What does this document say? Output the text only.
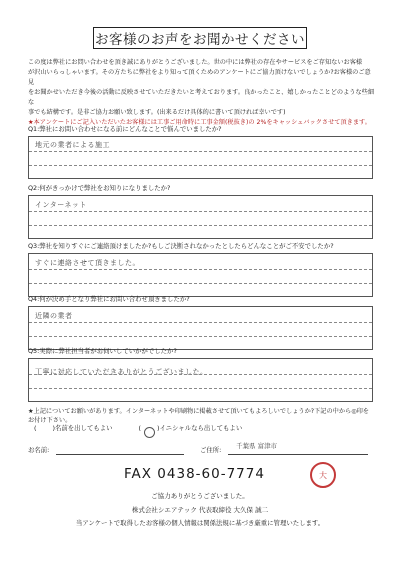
お客様のお声をお聞かせください
この度は弊社にお問い合わせを頂き誠にありがとうございました。世の中には弊社の存在やサービスをご存知ないお客様
が沢山いらっしゃいます。その方たちに弊社をより知って頂くためのアンケートにご協力頂けないでしょうか?お客様のご意見
をお聞かせいただき今後の活動に反映させていただきたいと考えております。良かったこと、嬉しかったことどのような些細な
事でも結構です。是非ご協力お願い致します。(出来るだけ具体的に書いて頂ければ幸いです)
★本アンケートにご記入いただいたお客様には工事ご用命時に工事金額(税抜き)の 2%をキャッシュバックさせて頂きます。
Q1:弊社にお問い合わせになる前にどんなことで悩んでいましたか?
地元の業者による施工
Q2:何がきっかけで弊社をお知りになりましたか?
インターネット
Q3:弊社を知りすぐにご連絡頂けましたか?もしご決断されなかったとしたらどんなことがご不安でしたか?
すぐに連絡させて頂きました。
Q4:何が決め手となり弊社にお問い合わせ頂きましたか?
近隣の業者
Q5:実際に弊社担当者がお伺いしていかがでしたか?
丁寧に対応していただきありがとうございました。
★上記についてお願いがあります。インターネットや印刷物に掲載させて頂いてもよろしいでしょうか?下記の中から◎印をお付け下さい。
(	)名前を出してもよい	(	)イニシャルなら出してもよい
お名前:	ご住所:	千葉県 富津市
FAX 0438-60-7774	大
ご協力ありがとうございました。
株式会社シエアテック 代表取締役 大久保 誠二
当アンケートで取得したお客様の個人情報は関係法規に基づき厳重に管理いたします。
